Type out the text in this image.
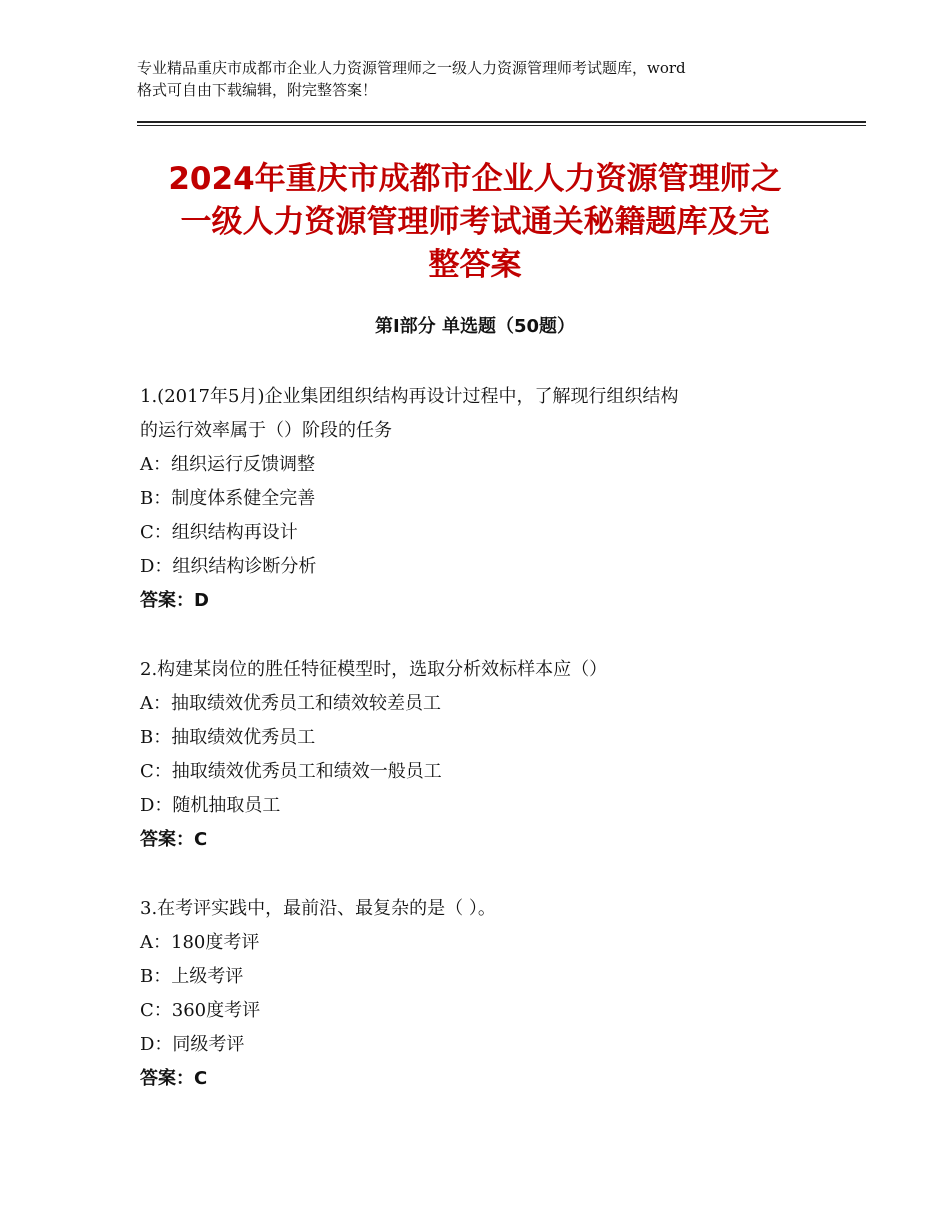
专业精品重庆市成都市企业人力资源管理师之一级人力资源管理师考试题库，word
格式可自由下载编辑，附完整答案！
2024年重庆市成都市企业人力资源管理师之
一级人力资源管理师考试通关秘籍题库及完
整答案
第Ⅰ部分 单选题（50题）
1.(2017年5月)企业集团组织结构再设计过程中，了解现行组织结构
的运行效率属于（）阶段的任务
A：组织运行反馈调整
B：制度体系健全完善
C：组织结构再设计
D：组织结构诊断分析
答案：D
2.构建某岗位的胜任特征模型时，选取分析效标样本应（）
A：抽取绩效优秀员工和绩效较差员工
B：抽取绩效优秀员工
C：抽取绩效优秀员工和绩效一般员工
D：随机抽取员工
答案：C
3.在考评实践中，最前沿、最复杂的是（ ）。
A：180度考评
B：上级考评
C：360度考评
D：同级考评
答案：C
